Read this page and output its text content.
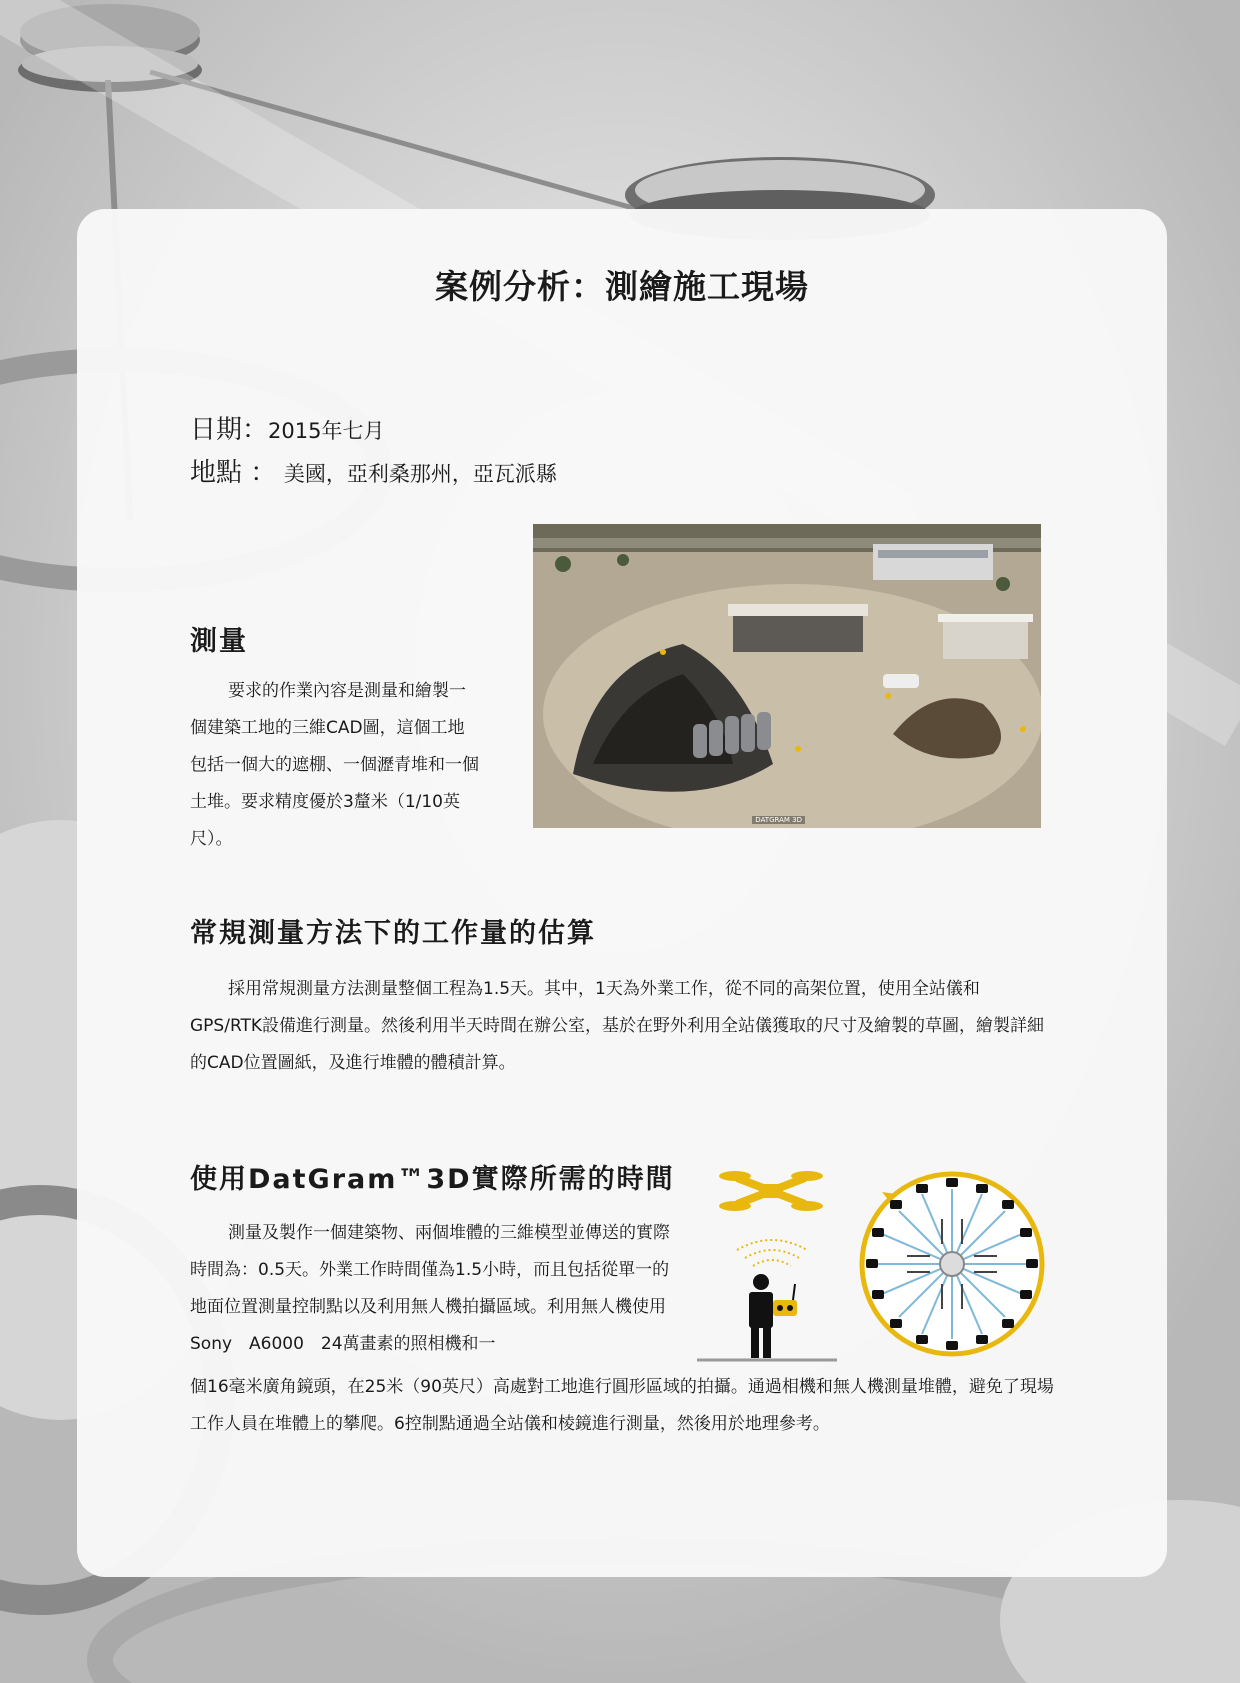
案例分析：測繪施工現場
日期：2015年七月
地點 ： 美國，亞利桑那州，亞瓦派縣
測量
要求的作業內容是測量和繪製一個建築工地的三維CAD圖，這個工地包括一個大的遮棚、一個瀝青堆和一個土堆。要求精度優於3釐米（1/10英尺）。
DATGRAM 3D
常規測量方法下的工作量的估算
採用常規測量方法測量整個工程為1.5天。其中，1天為外業工作，從不同的高架位置，使用全站儀和GPS/RTK設備進行測量。然後利用半天時間在辦公室，基於在野外利用全站儀獲取的尺寸及繪製的草圖，繪製詳細的CAD位置圖紙，及進行堆體的體積計算。
使用DatGram™3D實際所需的時間
測量及製作一個建築物、兩個堆體的三維模型並傳送的實際時間為：0.5天。外業工作時間僅為1.5小時，而且包括從單一的地面位置測量控制點以及利用無人機拍攝區域。利用無人機使用Sony　A6000　24萬畫素的照相機和一
個16毫米廣角鏡頭，在25米（90英尺）高處對工地進行圓形區域的拍攝。通過相機和無人機測量堆體，避免了現場工作人員在堆體上的攀爬。6控制點通過全站儀和棱鏡進行測量，然後用於地理參考。
